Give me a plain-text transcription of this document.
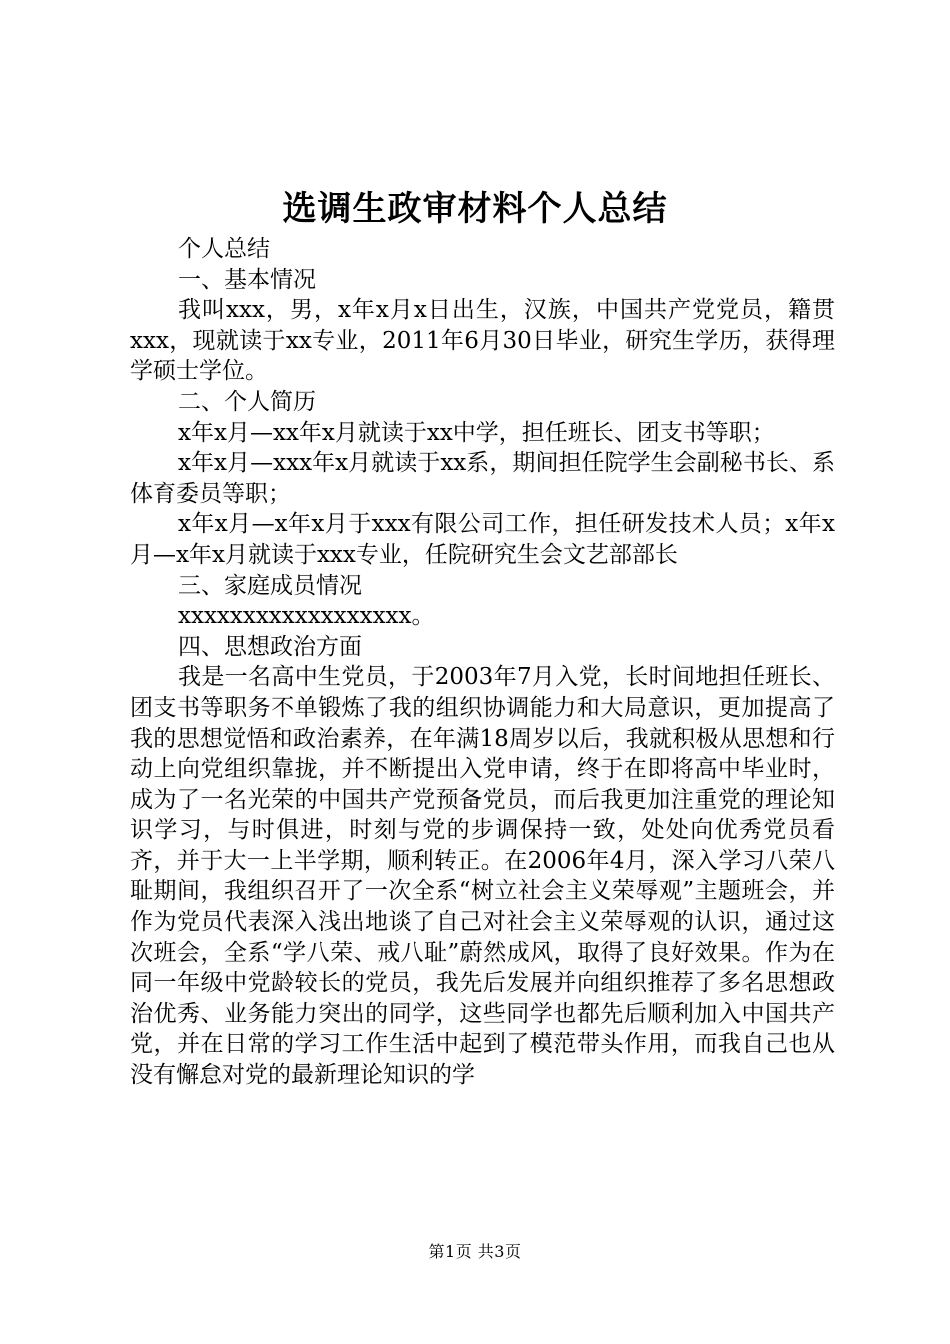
选调生政审材料个人总结

个人总结

一、基本情况

我叫xxx，男，x年x月x日出生，汉族，中国共产党党员，籍贯xxx，现就读于xx专业，2011年6月30日毕业，研究生学历，获得理学硕士学位。

二、个人简历

x年x月—xx年x月就读于xx中学，担任班长、团支书等职；

x年x月—xxx年x月就读于xx系，期间担任院学生会副秘书长、系体育委员等职；

x年x月—x年x月于xxx有限公司工作，担任研发技术人员；x年x月—x年x月就读于xxx专业，任院研究生会文艺部部长

三、家庭成员情况

xxxxxxxxxxxxxxxxxx。

四、思想政治方面

我是一名高中生党员，于2003年7月入党，长时间地担任班长、团支书等职务不单锻炼了我的组织协调能力和大局意识，更加提高了我的思想觉悟和政治素养，在年满18周岁以后，我就积极从思想和行动上向党组织靠拢，并不断提出入党申请，终于在即将高中毕业时，成为了一名光荣的中国共产党预备党员，而后我更加注重党的理论知识学习，与时俱进，时刻与党的步调保持一致，处处向优秀党员看齐，并于大一上半学期，顺利转正。在2006年4月，深入学习八荣八耻期间，我组织召开了一次全系“树立社会主义荣辱观”主题班会，并作为党员代表深入浅出地谈了自己对社会主义荣辱观的认识，通过这次班会，全系“学八荣、戒八耻”蔚然成风，取得了良好效果。作为在同一年级中党龄较长的党员，我先后发展并向组织推荐了多名思想政治优秀、业务能力突出的同学，这些同学也都先后顺利加入中国共产党，并在日常的学习工作生活中起到了模范带头作用，而我自己也从没有懈怠对党的最新理论知识的学

第1页 共3页
